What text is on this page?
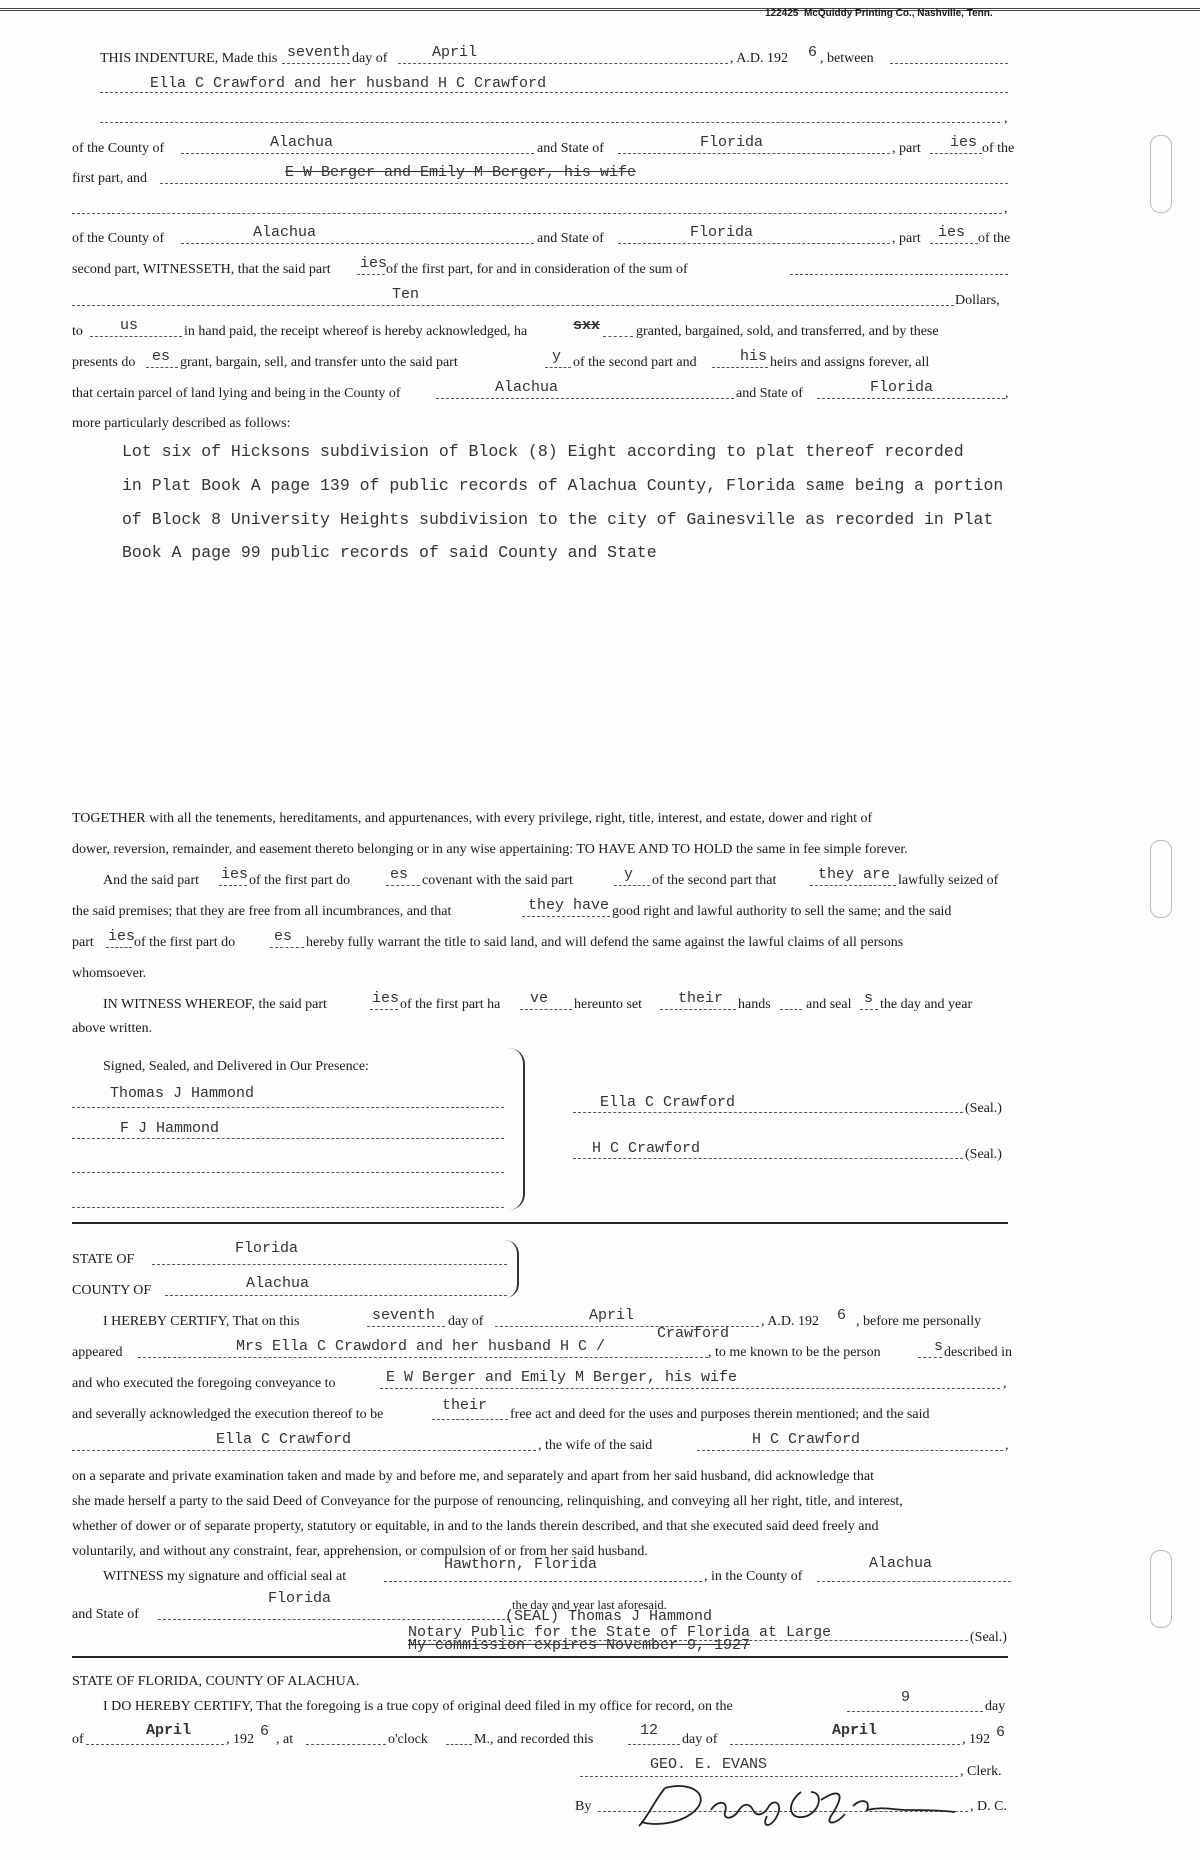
122425 McQuiddy Printing Co., Nashville, Tenn.

THIS INDENTURE, Made this seventh day of	April	, A.D. 192 6 , between

Ella C Crawford and her husband H C Crawford

,

of the County of	Alachua	and State of	Florida	, part ies of the

first part, and	E W Berger and Emily M Berger, his wife

,

of the County of	Alachua	and State of	Florida	, part ies of the

second part, WITNESSETH, that the said part ies

of the first part, for and in consideration of the sum of

Ten	Dollars,

to us	in hand paid, the receipt whereof is hereby acknowledged, ha	sxx	granted, bargained, sold, and transferred, and by these

presents do es grant, bargain, sell, and transfer unto the said part	y of the second part and	his heirs and assigns forever, all

that certain parcel of land lying and being in the County of	Alachua	and State of	Florida	,

more particularly described as follows:

Lot six of Hicksons subdivision of Block (8) Eight according to plat thereof recorded

in Plat Book A page 139 of public records of Alachua County, Florida same being a portion

of Block 8 University Heights subdivision to the city of Gainesville as recorded in Plat

Book A page 99 public records of said County and State

TOGETHER with all the tenements, hereditaments, and appurtenances, with every privilege, right, title, interest, and estate, dower and right of

dower, reversion, remainder, and easement thereto belonging or in any wise appertaining: TO HAVE AND TO HOLD the same in fee simple forever.

And the said part ies of the first part do	es covenant with the said part	y of the second part that	they are lawfully seized of

the said premises; that they are free from all incumbrances, and that	they have good right and lawful authority to sell the same; and the said

part ies

of the first part do	es hereby fully warrant the title to said land, and will defend the same against the lawful claims of all persons

whomsoever.

IN WITNESS WHEREOF, the said part	ies of the first part ha ve hereunto set their hands	and seal s the day and year

above written.

Signed, Sealed, and Delivered in Our Presence:

Thomas J Hammond

F J Hammond

Ella C Crawford	(Seal.)

H C Crawford	(Seal.)

STATE OF

Florida

COUNTY OF	Alachua

I HEREBY CERTIFY, That on this	seventh day of	April	, A.D. 192 6 , before me personally

Crawford

appeared	Mrs Ella C Crawdord and her husband H C /	, to me known to be the person	s described in

and who executed the foregoing conveyance to	E W Berger and Emily M Berger, his wife	,

and severally acknowledged the execution thereof to be

their

free act and deed for the uses and purposes therein mentioned; and the said

Ella C Crawford	, the wife of the said	H C Crawford	,

on a separate and private examination taken and made by and before me, and separately and apart from her said husband, did acknowledge that

she made herself a party to the said Deed of Conveyance for the purpose of renouncing, relinquishing, and conveying all her right, title, and interest,

whether of dower or of separate property, statutory or equitable, in and to the lands therein described, and that she executed said deed freely and

voluntarily, and without any constraint, fear, apprehension, or compulsion of or from her said husband.

WITNESS my signature and official seal at

Hawthorn, Florida

, in the County of

Alachua

and State of

Florida	the day and year last aforesaid.

(SEAL) Thomas J Hammond

Notary Public for the State of Florida at Large

My commission expires November 9, 1927	(Seal.)

STATE OF FLORIDA, COUNTY OF ALACHUA.

I DO HEREBY CERTIFY, That the foregoing is a true copy of original deed filed in my office for record, on the

9

day

of

April

, 192 6 , at	o'clock	M., and recorded this

12

day of

April

, 192 6

GEO. E. EVANS	, Clerk.

By	, D. C.
